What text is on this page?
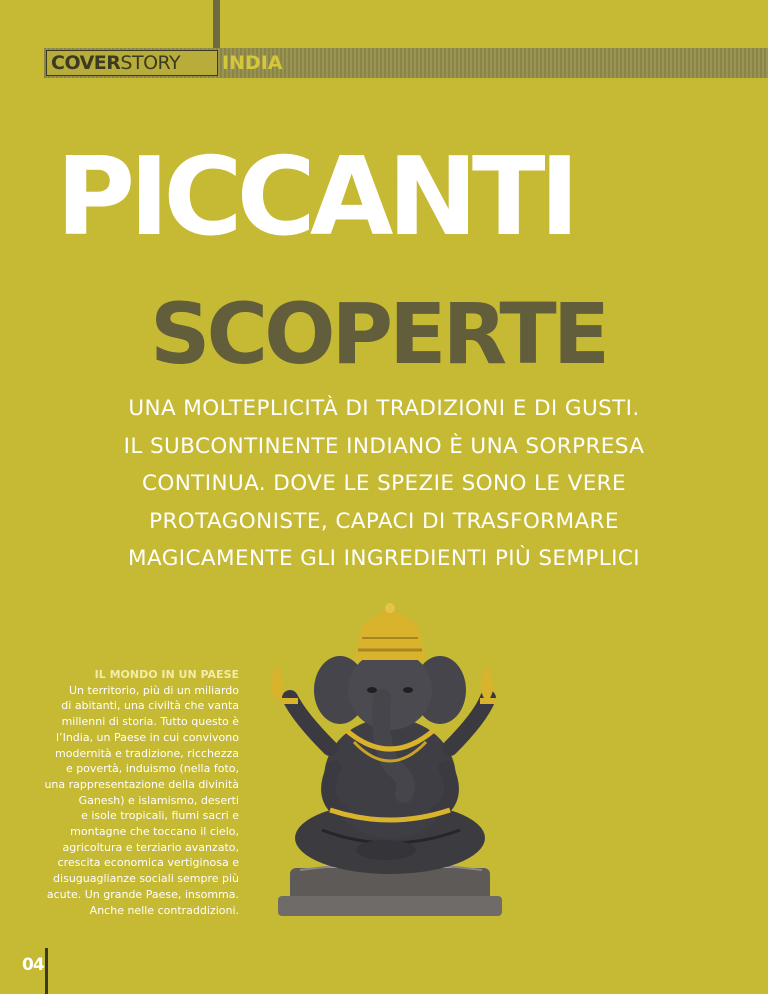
COVER STORY INDIA
PICCANTI
SCOPERTE
UNA MOLTEPLICITÀ DI TRADIZIONI E DI GUSTI.
IL SUBCONTINENTE INDIANO È UNA SORPRESA
CONTINUA. DOVE LE SPEZIE SONO LE VERE
PROTAGONISTE, CAPACI DI TRASFORMARE
MAGICAMENTE GLI INGREDIENTI PIÙ SEMPLICI
IL MONDO IN UN PAESE
Un territorio, più di un miliardo
di abitanti, una civiltà che vanta
millenni di storia. Tutto questo è
l’India, un Paese in cui convivono
modernità e tradizione, ricchezza
e povertà, induismo (nella foto,
una rappresentazione della divinità
Ganesh) e islamismo, deserti
e isole tropicali, fiumi sacri e
montagne che toccano il cielo,
agricoltura e terziario avanzato,
crescita economica vertiginosa e
disuguaglianze sociali sempre più
acute. Un grande Paese, insomma.
Anche nelle contraddizioni.
04
